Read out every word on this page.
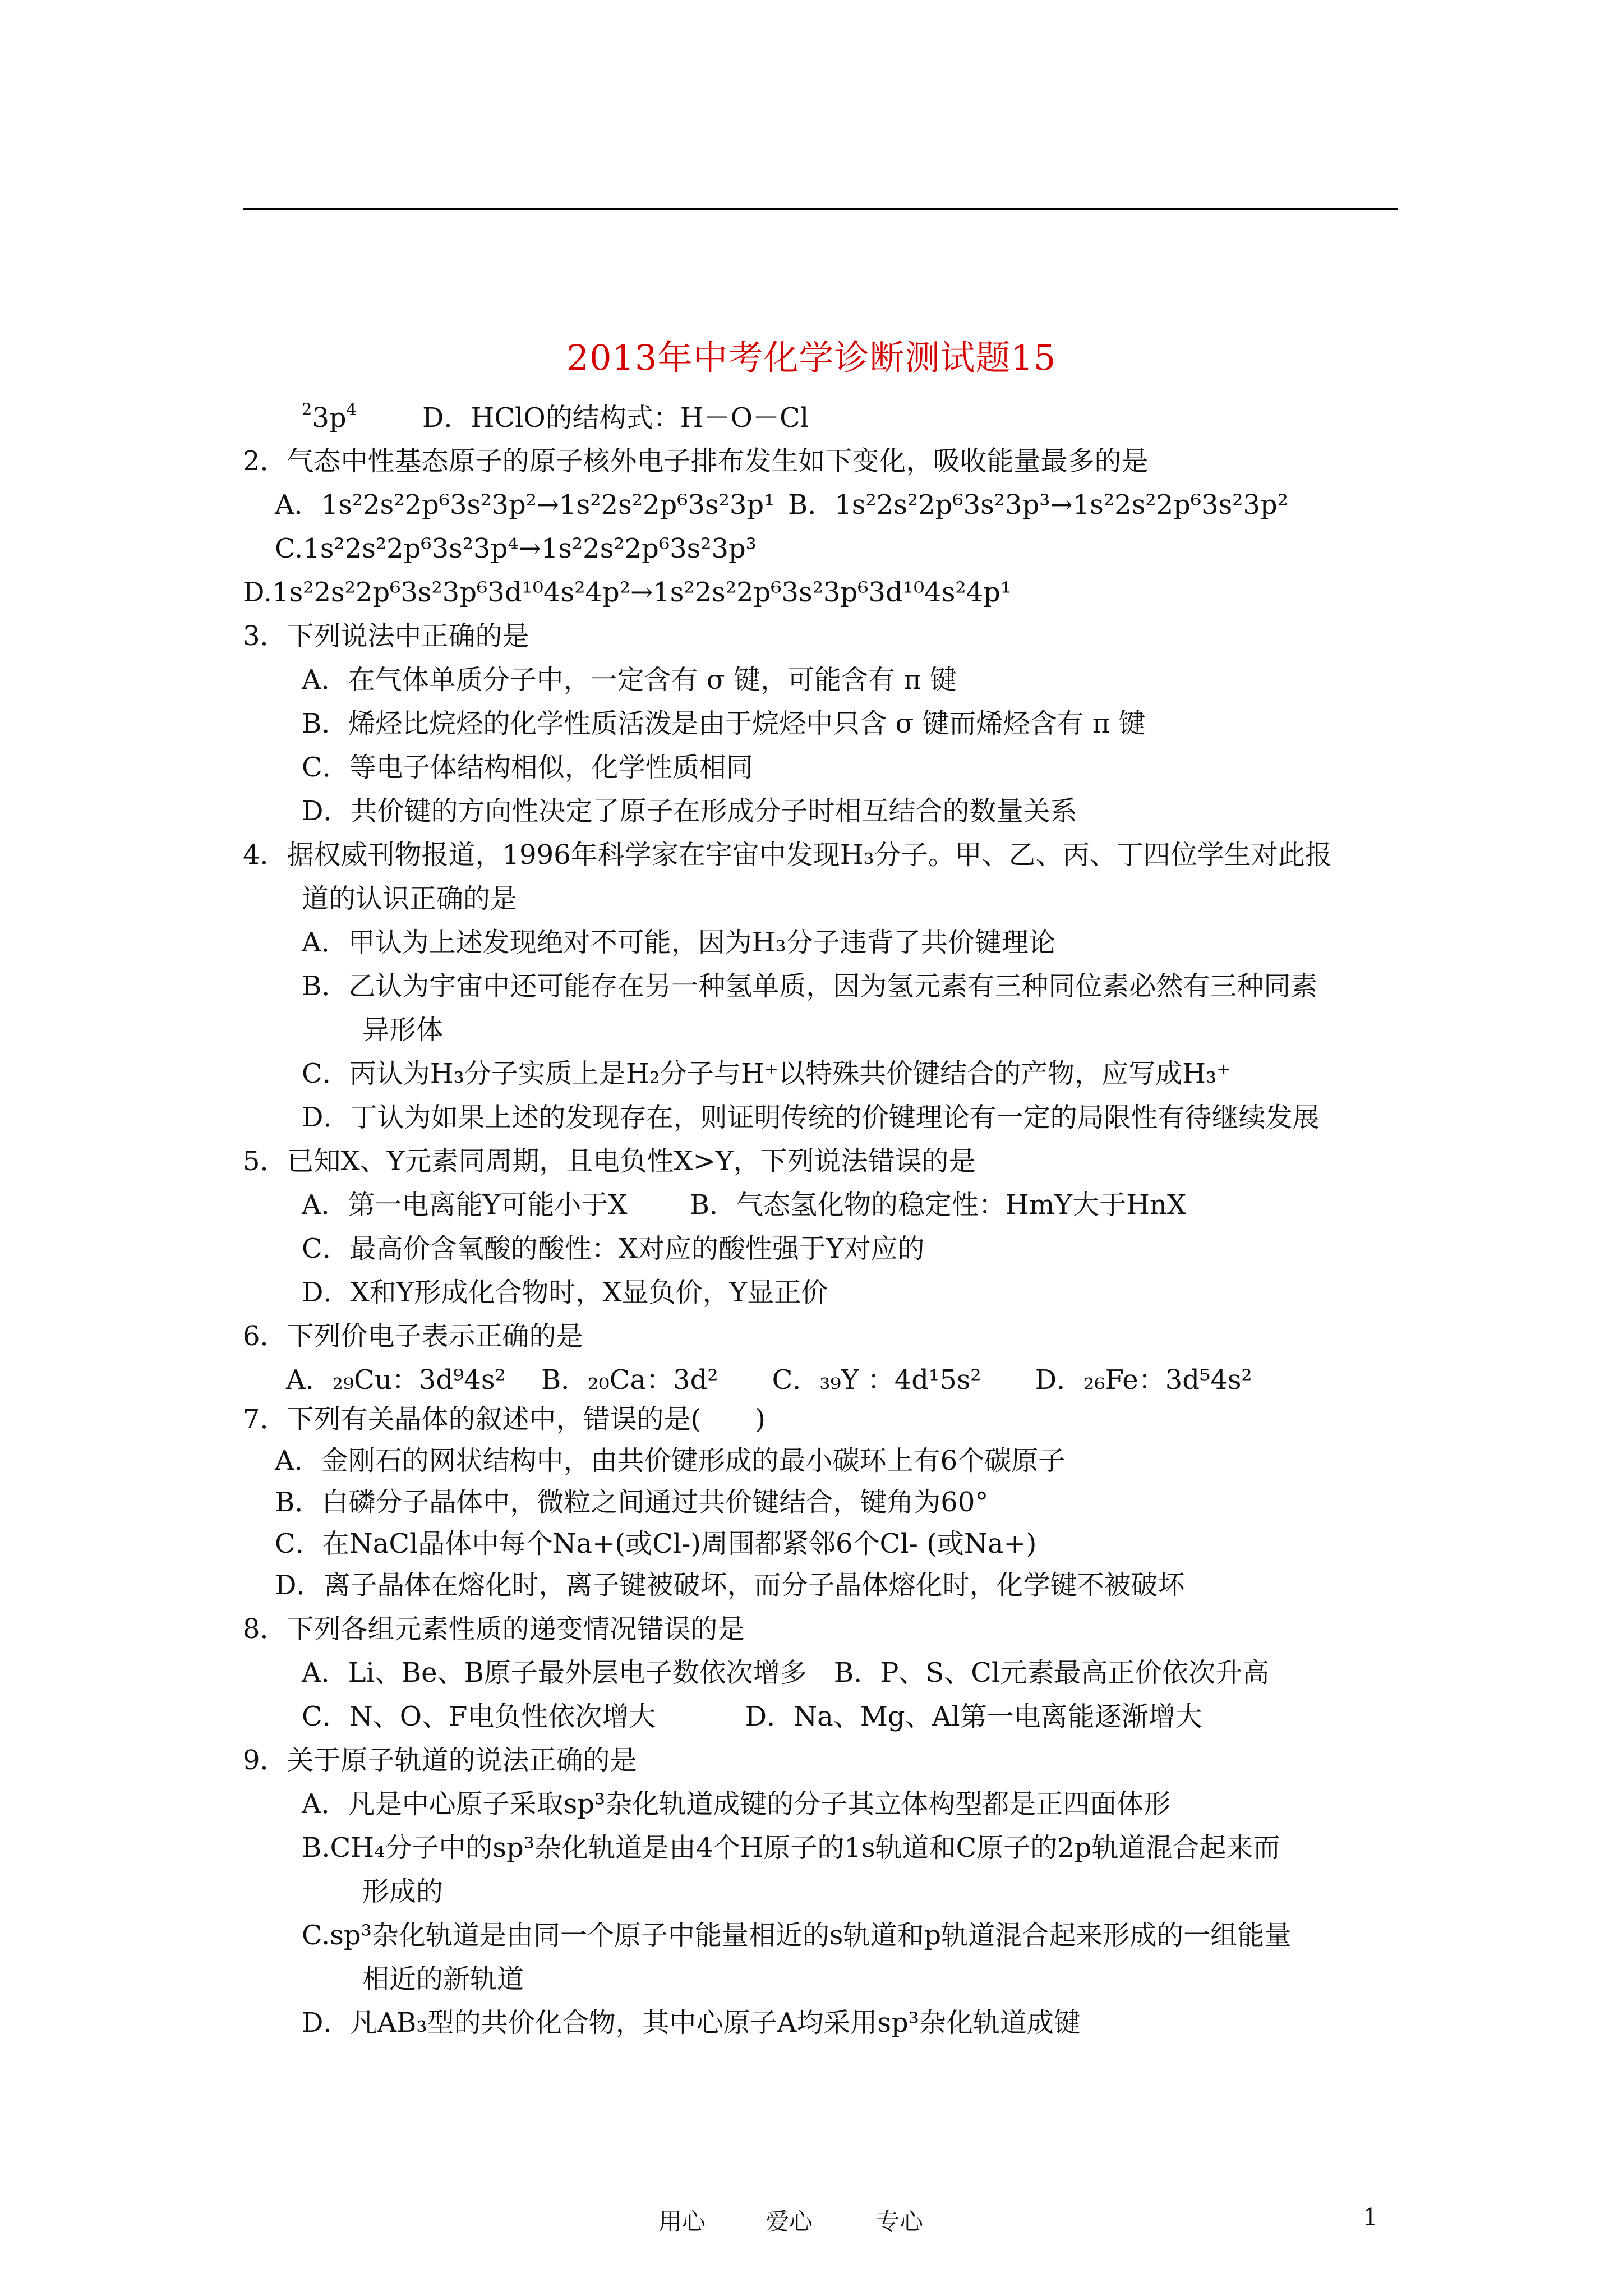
2013年中考化学诊断测试题15
$^23p^4$ D．HClO的结构式：H－O－Cl
2．气态中性基态原子的原子核外电子排布发生如下变化，吸收能量最多的是
A．1s²2s²2p⁶3s²3p²→1s²2s²2p⁶3s²3p¹ B．1s²2s²2p⁶3s²3p³→1s²2s²2p⁶3s²3p²
C.1s²2s²2p⁶3s²3p⁴→1s²2s²2p⁶3s²3p³
D.1s²2s²2p⁶3s²3p⁶3d¹⁰4s²4p²→1s²2s²2p⁶3s²3p⁶3d¹⁰4s²4p¹
3．下列说法中正确的是
A．在气体单质分子中，一定含有 σ 键，可能含有 π 键
B．烯烃比烷烃的化学性质活泼是由于烷烃中只含 σ 键而烯烃含有 π 键
C．等电子体结构相似，化学性质相同
D．共价键的方向性决定了原子在形成分子时相互结合的数量关系
4．据权威刊物报道，1996年科学家在宇宙中发现H₃分子。甲、乙、丙、丁四位学生对此报
道的认识正确的是
A．甲认为上述发现绝对不可能，因为H₃分子违背了共价键理论
B．乙认为宇宙中还可能存在另一种氢单质，因为氢元素有三种同位素必然有三种同素
异形体
C．丙认为H₃分子实质上是H₂分子与H⁺以特殊共价键结合的产物，应写成H₃⁺
D．丁认为如果上述的发现存在，则证明传统的价键理论有一定的局限性有待继续发展
5．已知X、Y元素同周期，且电负性X>Y，下列说法错误的是
A．第一电离能Y可能小于X　　 B．气态氢化物的稳定性：HmY大于HnX
C．最高价含氧酸的酸性：X对应的酸性强于Y对应的
D．X和Y形成化合物时，X显负价，Y显正价
6．下列价电子表示正确的是
A．₂₉Cu：3d⁹4s²　 B．₂₀Ca：3d²　　C．₃₉Y ：4d¹5s²　　D．₂₆Fe：3d⁵4s²
7．下列有关晶体的叙述中，错误的是(　　)
A．金刚石的网状结构中，由共价键形成的最小碳环上有6个碳原子
B．白磷分子晶体中，微粒之间通过共价键结合，键角为60°
C．在NaCl晶体中每个Na+(或Cl-)周围都紧邻6个Cl- (或Na+)
D．离子晶体在熔化时，离子键被破坏，而分子晶体熔化时，化学键不被破坏
8．下列各组元素性质的递变情况错误的是
A．Li、Be、B原子最外层电子数依次增多　B．P、S、Cl元素最高正价依次升高
C．N、O、F电负性依次增大　　　 D．Na、Mg、Al第一电离能逐渐增大
9．关于原子轨道的说法正确的是
A．凡是中心原子采取sp³杂化轨道成键的分子其立体构型都是正四面体形
B.CH₄分子中的sp³杂化轨道是由4个H原子的1s轨道和C原子的2p轨道混合起来而
形成的
C.sp³杂化轨道是由同一个原子中能量相近的s轨道和p轨道混合起来形成的一组能量
相近的新轨道
D．凡AB₃型的共价化合物，其中心原子A均采用sp³杂化轨道成键
用心	爱心	专心	1
